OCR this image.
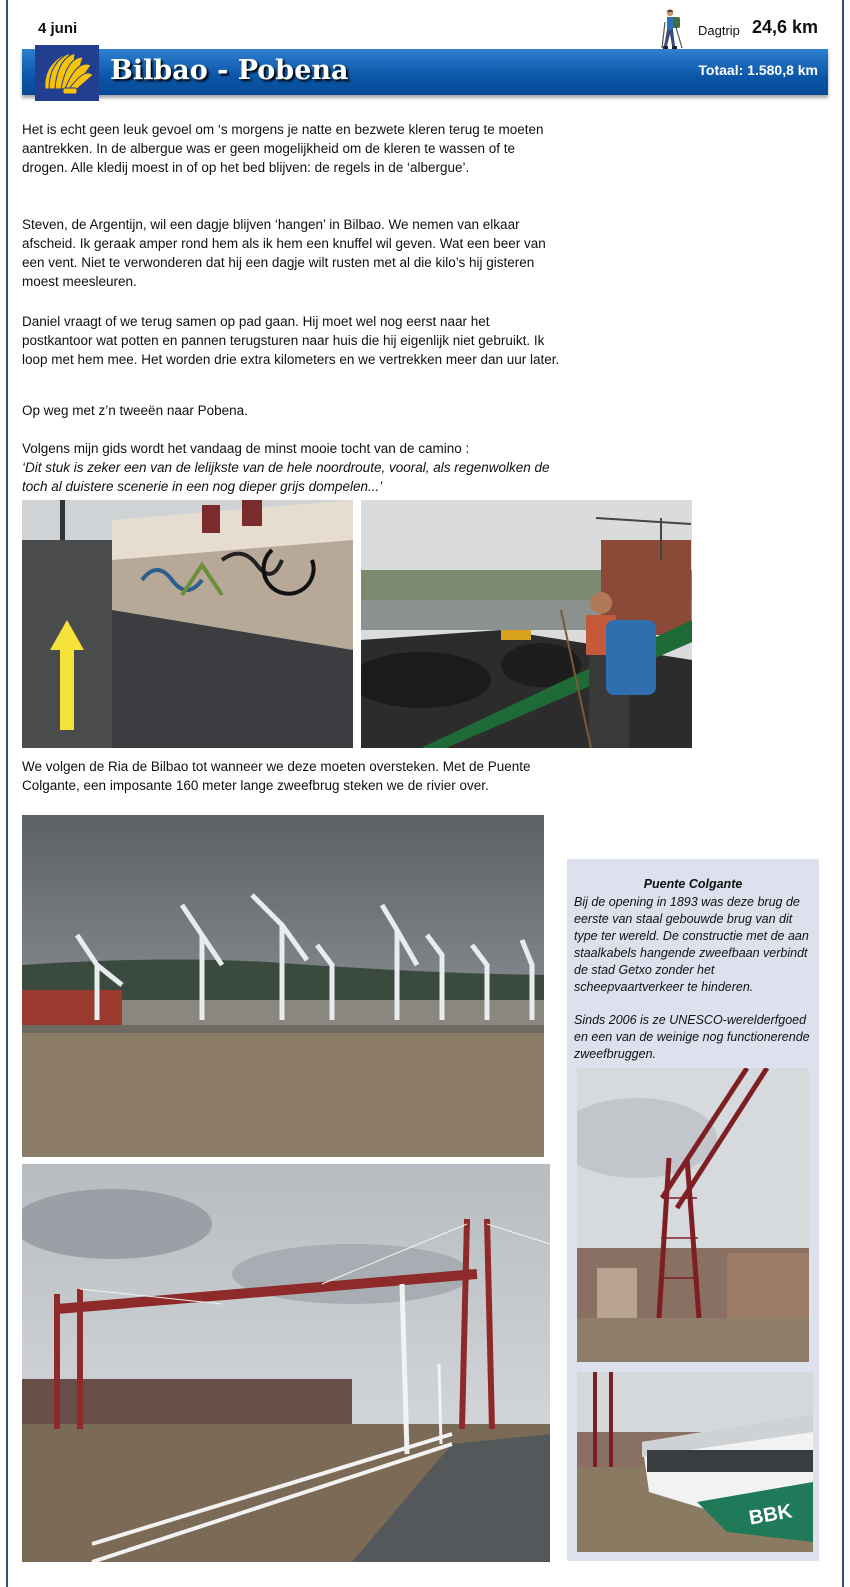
4 juni	Dagtrip 24,6 km
Bilbao - Pobena	Totaal: 1.580,8 km
Het is echt geen leuk gevoel om ‘s morgens je natte en bezwete kleren terug te moeten aantrekken. In de albergue was er geen mogelijkheid om de kleren te wassen of te drogen. Alle kledij moest in of op het bed blijven: de regels in de ‘albergue’.
Steven, de Argentijn, wil een dagje blijven ‘hangen’ in Bilbao. We nemen van elkaar afscheid. Ik geraak amper rond hem als ik hem een knuffel wil geven. Wat een beer van een vent. Niet te verwonderen dat hij een dagje wilt rusten met al die kilo’s hij gisteren moest meesleuren.
Daniel vraagt of we terug samen op pad gaan. Hij moet wel nog eerst naar het postkantoor wat potten en pannen terugsturen naar huis die hij eigenlijk niet gebruikt. Ik loop met hem mee. Het worden drie extra kilometers en we vertrekken meer dan uur later.
Op weg met z’n tweeën naar Pobena.
Volgens mijn gids wordt het vandaag de minst mooie tocht van de camino :
‘Dit stuk is zeker een van de lelijkste van de hele noordroute, vooral, als regenwolken de toch al duistere scenerie in een nog dieper grijs dompelen...’
We volgen de Ria de Bilbao tot wanneer we deze moeten oversteken. Met de Puente Colgante, een imposante 160 meter lange zweefbrug steken we de rivier over.
Puente Colgante
Bij de opening in 1893 was deze brug de eerste van staal gebouwde brug van dit type ter wereld. De constructie met de aan staalkabels hangende zweefbaan verbindt de stad Getxo zonder het scheepvaartverkeer te hinderen.
Sinds 2006 is ze UNESCO-werelderfgoed en een van de weinige nog functionerende zweefbruggen.
BBK
